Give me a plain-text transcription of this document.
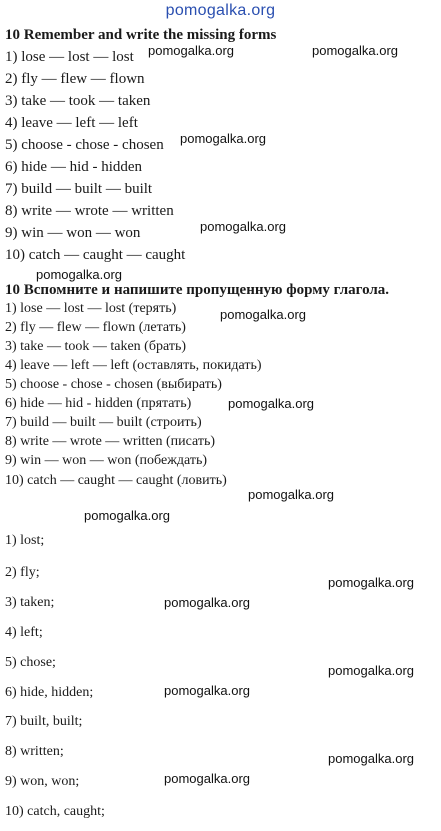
pomogalka.org
10 Remember and write the missing forms
1) lose — lost — lost
2) fly — flew — flown
3) take — took — taken
4) leave — left — left
5) choose - chose - chosen
6) hide — hid - hidden
7) build — built — built
8) write — wrote — written
9) win — won — won
10) catch — caught — caught
10 Вспомните и напишите пропущенную форму глагола.
1) lose — lost — lost (терять)
2) fly — flew — flown (летать)
3) take — took — taken (брать)
4) leave — left — left (оставлять, покидать)
5) choose - chose - chosen (выбирать)
6) hide — hid - hidden (прятать)
7) build — built — built (строить)
8) write — wrote — written (писать)
9) win — won — won (побеждать)
10) catch — caught — caught (ловить)
1) lost;
2) fly;
3) taken;
4) left;
5) chose;
6) hide, hidden;
7) built, built;
8) written;
9) won, won;
10) catch, caught;
pomogalka.org	pomogalka.org
pomogalka.org
pomogalka.org
pomogalka.org
pomogalka.org
pomogalka.org
pomogalka.org
pomogalka.org
pomogalka.org
pomogalka.org
pomogalka.org
pomogalka.org
pomogalka.org
pomogalka.org
